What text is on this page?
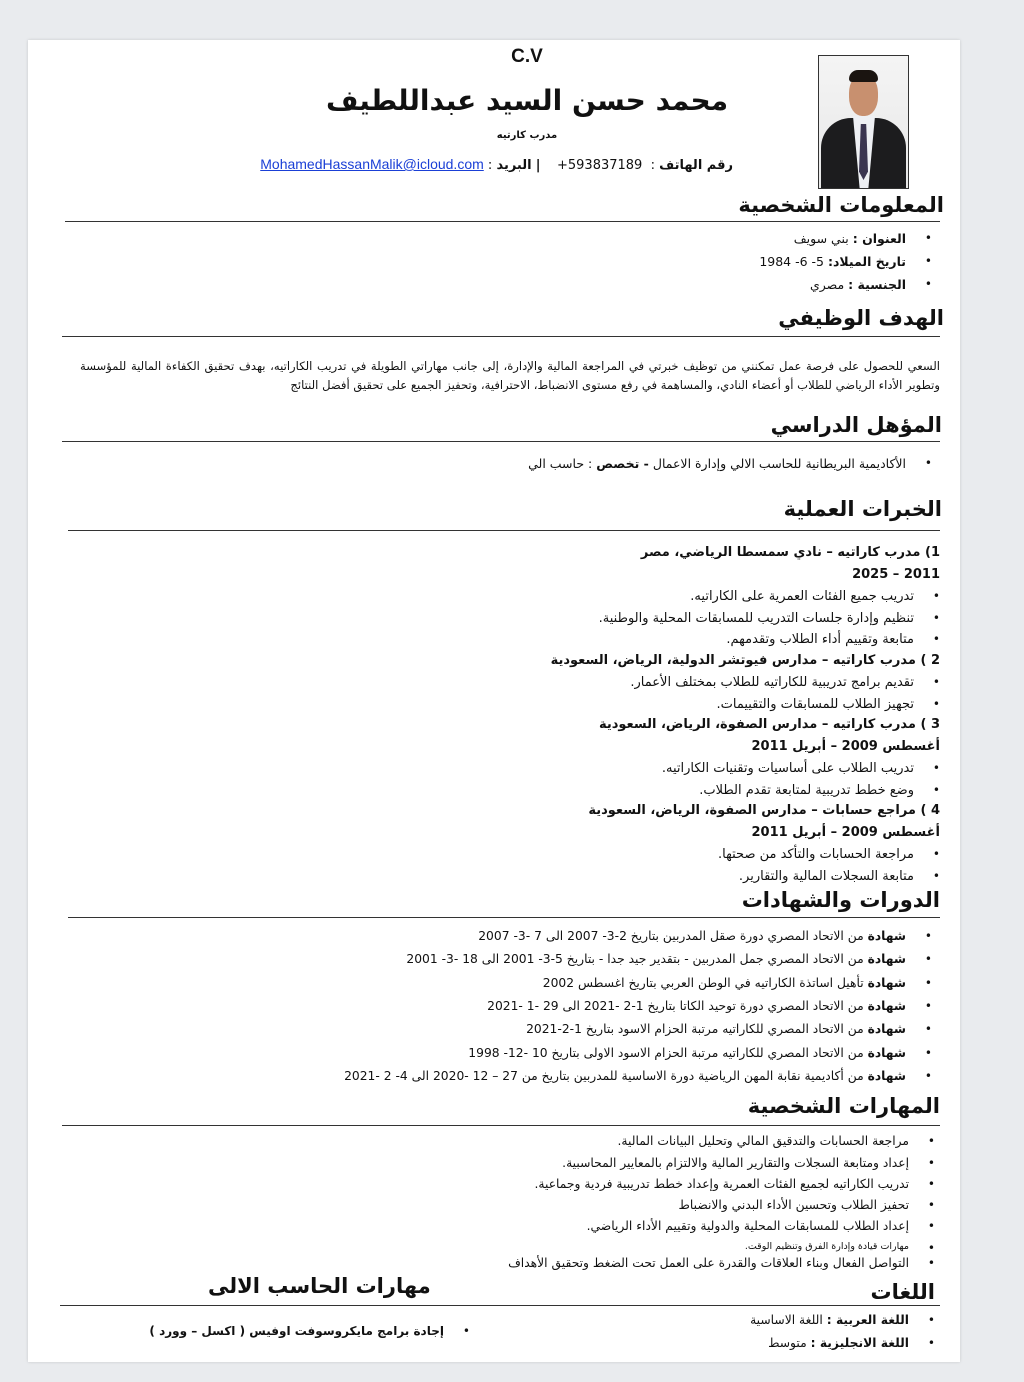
C.V
محمد حسن السيد عبداللطيف
مدرب كارتيه
رقم الهاتف :  +593837189    | البريد : MohamedHassanMalik@icloud.com
المعلومات الشخصية
•
العنوان : بني سويف
•
تاريخ الميلاد: 5- 6- 1984
•
الجنسية : مصري
الهدف الوظيفي
السعي للحصول على فرصة عمل تمكنني من توظيف خبرتي في المراجعة المالية والإدارة، إلى جانب مهاراتي الطويلة في تدريب الكاراتيه، بهدف تحقيق الكفاءة المالية للمؤسسة وتطوير الأداء الرياضي للطلاب أو أعضاء النادي، والمساهمة في رفع مستوى الانضباط، الاحترافية، وتحفيز الجميع على تحقيق أفضل النتائج
المؤهل الدراسي
•
الأكاديمية البريطانية للحاسب الالي وإدارة الاعمال - تخصص : حاسب الي
الخبرات العملية
1) مدرب كاراتيه – نادي سمسطا الرياضي، مصر
2011 – 2025
•
تدريب جميع الفئات العمرية على الكاراتيه.
•
تنظيم وإدارة جلسات التدريب للمسابقات المحلية والوطنية.
•
متابعة وتقييم أداء الطلاب وتقدمهم.
2 ) مدرب كاراتيه – مدارس فيوتشر الدولية، الرياض، السعودية
•
تقديم برامج تدريبية للكاراتيه للطلاب بمختلف الأعمار.
•
تجهيز الطلاب للمسابقات والتقييمات.
3 ) مدرب كاراتيه – مدارس الصفوة، الرياض، السعودية
أغسطس 2009 – أبريل 2011
•
تدريب الطلاب على أساسيات وتقنيات الكاراتيه.
•
وضع خطط تدريبية لمتابعة تقدم الطلاب.
4 ) مراجع حسابات – مدارس الصفوة، الرياض، السعودية
أغسطس 2009 – أبريل 2011
•
مراجعة الحسابات والتأكد من صحتها.
•
متابعة السجلات المالية والتقارير.
الدورات والشهادات
•
شهادة من الاتحاد المصري دورة صقل المدربين بتاريخ 2-3- 2007 الى 7 -3- 2007
•
شهادة من الاتحاد المصري جمل المدربين - بتقدير جيد جدا - بتاريخ 5-3- 2001 الى 18 -3- 2001
•
شهادة تأهيل اساتذة الكاراتيه في الوطن العربي بتاريخ اغسطس 2002
•
شهادة من الاتحاد المصري دورة توحيد الكاتا بتاريخ 1-2 -2021 الى 29 -1 -2021
•
شهادة من الاتحاد المصري للكاراتيه مرتبة الحزام الاسود بتاريخ 1-2-2021
•
شهادة من الاتحاد المصري للكاراتيه مرتبة الحزام الاسود الاولى بتاريخ 10 -12- 1998
•
شهادة من أكاديمية نقابة المهن الرياضية دورة الاساسية للمدربين بتاريخ من 27 – 12 -2020 الى 4- 2 -2021
المهارات الشخصية
•
مراجعة الحسابات والتدقيق المالي وتحليل البيانات المالية.
•
إعداد ومتابعة السجلات والتقارير المالية والالتزام بالمعايير المحاسبية.
•
تدريب الكاراتيه لجميع الفئات العمرية وإعداد خطط تدريبية فردية وجماعية.
•
تحفيز الطلاب وتحسين الأداء البدني والانضباط
•
إعداد الطلاب للمسابقات المحلية والدولية وتقييم الأداء الرياضي.
•
مهارات قيادة وإدارة الفرق وتنظيم الوقت.
•
التواصل الفعال وبناء العلاقات والقدرة على العمل تحت الضغط وتحقيق الأهداف
اللغات
مهارات الحاسب الالى
•
اللغة العربية : اللغة الاساسية
•
اللغة الانجليزية : متوسط
•
إجادة برامج مايكروسوفت اوفيس ( اكسل – وورد )
